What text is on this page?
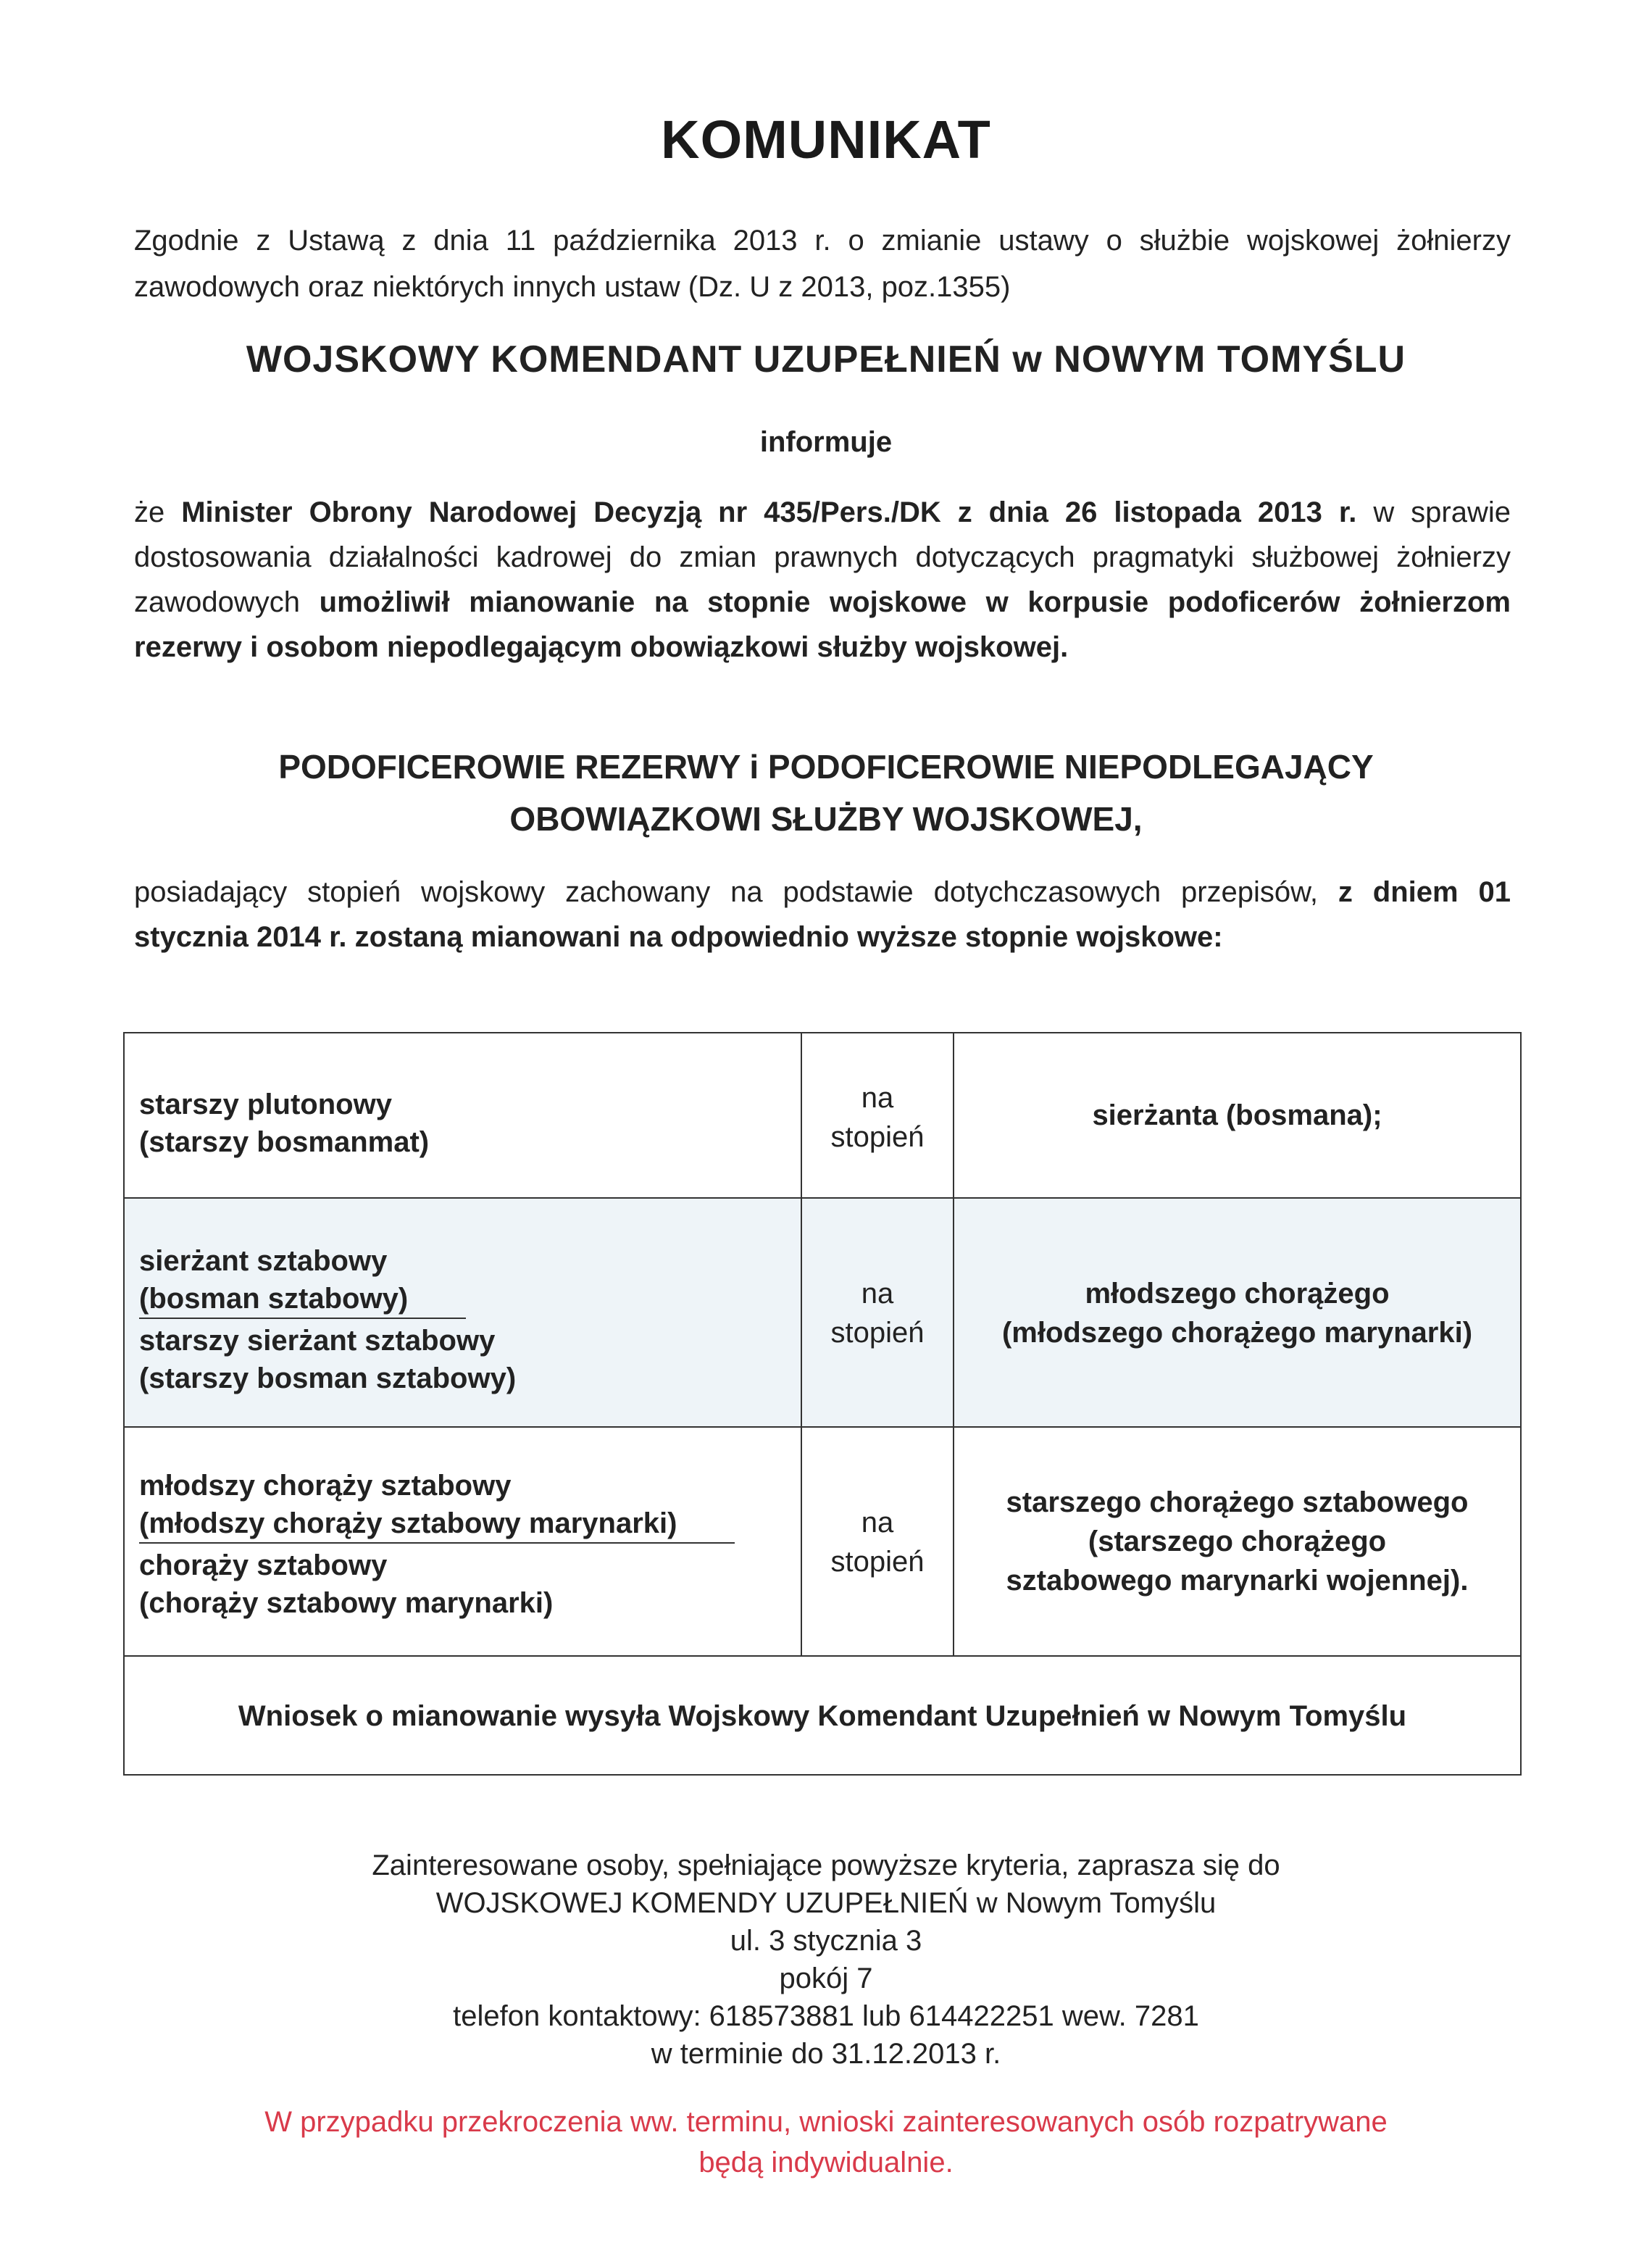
KOMUNIKAT
Zgodnie z Ustawą z dnia 11 października 2013 r. o zmianie ustawy o służbie wojskowej żołnierzy zawodowych oraz niektórych innych ustaw (Dz. U z 2013, poz.1355)
WOJSKOWY KOMENDANT UZUPEŁNIEŃ w NOWYM TOMYŚLU
informuje
że Minister Obrony Narodowej Decyzją nr 435/Pers./DK z dnia 26 listopada 2013 r. w sprawie dostosowania działalności kadrowej do zmian prawnych dotyczących pragmatyki służbowej żołnierzy zawodowych umożliwił mianowanie na stopnie wojskowe w korpusie podoficerów żołnierzom rezerwy i osobom niepodlegającym obowiązkowi służby wojskowej.
PODOFICEROWIE REZERWY i PODOFICEROWIE NIEPODLEGAJĄCY
OBOWIĄZKOWI SŁUŻBY WOJSKOWEJ,
posiadający stopień wojskowy zachowany na podstawie dotychczasowych przepisów, z dniem 01 stycznia 2014 r. zostaną mianowani na odpowiednio wyższe stopnie wojskowe:
starszy plutonowy
(starszy bosmanmat)
na
stopień
sierżanta (bosmana);
sierżant sztabowy
(bosman sztabowy)
starszy sierżant sztabowy
(starszy bosman sztabowy)
na
stopień
młodszego chorążego
(młodszego chorążego marynarki)
młodszy chorąży sztabowy
(młodszy chorąży sztabowy marynarki)
chorąży sztabowy
(chorąży sztabowy marynarki)
na
stopień
starszego chorążego sztabowego
(starszego chorążego
sztabowego marynarki wojennej).
Wniosek o mianowanie wysyła Wojskowy Komendant Uzupełnień w Nowym Tomyślu
Zainteresowane osoby, spełniające powyższe kryteria, zaprasza się do
WOJSKOWEJ KOMENDY UZUPEŁNIEŃ w Nowym Tomyślu
ul. 3 stycznia 3
pokój 7
telefon kontaktowy: 618573881 lub 614422251 wew. 7281
w terminie do 31.12.2013 r.
W przypadku przekroczenia ww. terminu, wnioski zainteresowanych osób rozpatrywane
będą indywidualnie.
